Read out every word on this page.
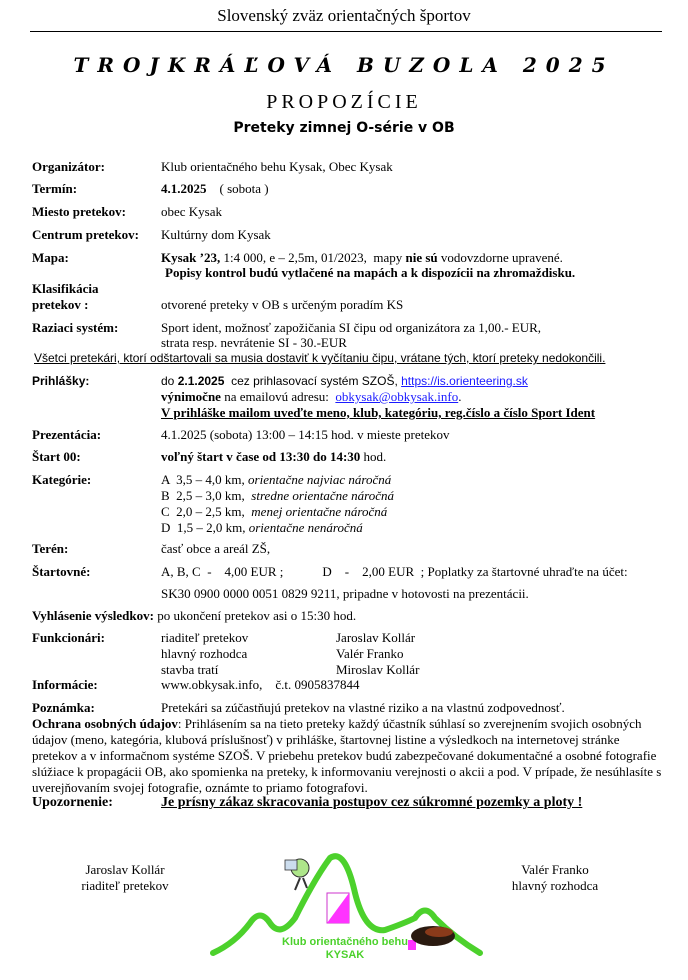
Slovenský zväz orientačných športov
TROJKRÁĽOVÁ BUZOLA 2025
PROPOZÍCIE
Preteky zimnej O-série v OB
Organizátor:	Klub orientačného behu Kysak, Obec Kysak
Termín:	4.1.2025 ( sobota )
Miesto pretekov:	obec Kysak
Centrum pretekov: Kultúrny dom Kysak
Mapa:	Kysak ’23, 1:4 000, e – 2,5m, 01/2023,  mapy nie sú vodovzdorne upravené.
Popisy kontrol budú vytlačené na mapách a k dispozícii na zhromaždisku.
Klasifikácia
pretekov :	otvorené preteky v OB s určeným poradím KS
Raziaci systém:	Sport ident, možnosť zapožičania SI čipu od organizátora za 1,00.- EUR,
strata resp. nevrátenie SI - 30.-EUR
Všetci pretekári, ktorí odštartovali sa musia dostaviť k vyčítaniu čipu, vrátane tých, ktorí preteky nedokončili.
Prihlášky:	do 2.1.2025  cez prihlasovací systém SZOŠ, https://is.orienteering.sk
výnimočne na emailovú adresu:  obkysak@obkysak.info.
V prihláške mailom uveďte meno, klub, kategóriu, reg.číslo a číslo Sport Ident
Prezentácia:	4.1.2025 (sobota) 13:00 – 14:15 hod. v mieste pretekov
Štart 00:	voľný štart v čase od 13:30 do 14:30 hod.
Kategórie:	A  3,5 – 4,0 km, orientačne najviac náročná
B  2,5 – 3,0 km,  stredne orientačne náročná
C  2,0 – 2,5 km,  menej orientačne náročná
D  1,5 – 2,0 km, orientačne nenáročná
Terén:	časť obce a areál ZŠ,
Štartovné:	A, B, C  -    4,00 EUR ;            D    -    2,00 EUR  ; Poplatky za štartovné uhraďte na účet:
SK30 0900 0000 0051 0829 9211, pripadne v hotovosti na prezentácii.
Vyhlásenie výsledkov: po ukončení pretekov asi o 15:30 hod.
Funkcionári:	riaditeľ pretekov	Jaroslav Kollár
hlavný rozhodca	Valér Franko
stavba tratí	Miroslav Kollár
Informácie:	www.obkysak.info,    č.t. 0905837844
Poznámka:	Pretekári sa zúčastňujú pretekov na vlastné riziko a na vlastnú zodpovednosť.
Ochrana osobných údajov: Prihlásením sa na tieto preteky každý účastník súhlasí so zverejnením svojich osobných údajov (meno, kategória, klubová príslušnosť) v prihláške, štartovnej listine a výsledkoch na internetovej stránke pretekov a v informačnom systéme SZOŠ. V priebehu pretekov budú zabezpečované dokumentačné a osobné fotografie slúžiace k propagácii OB, ako spomienka na preteky, k informovaniu verejnosti o akcii a pod. V prípade, že nesúhlasíte s uverejňovaním svojej fotografie, oznámte to priamo fotografovi.
Upozornenie:	Je prísny zákaz skracovania postupov cez súkromné pozemky a ploty !
Jaroslav Kollár
riaditeľ pretekov
Valér Franko
hlavný rozhodca
Klub orientačného behu
KYSAK
